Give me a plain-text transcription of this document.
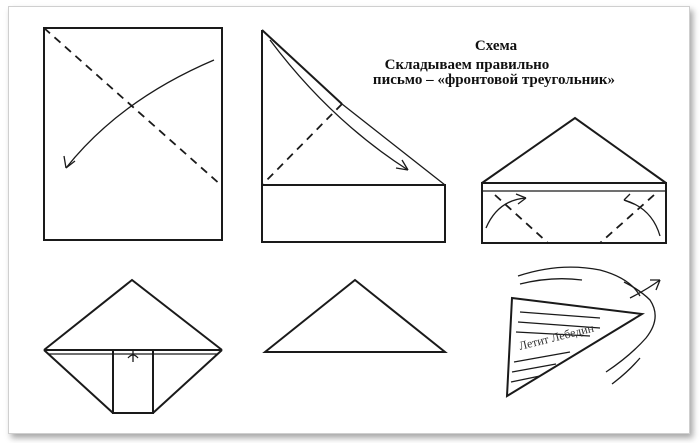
Схема
Складываем правильно
письмо – «фронтовой треугольник»
Летит Лебедин
